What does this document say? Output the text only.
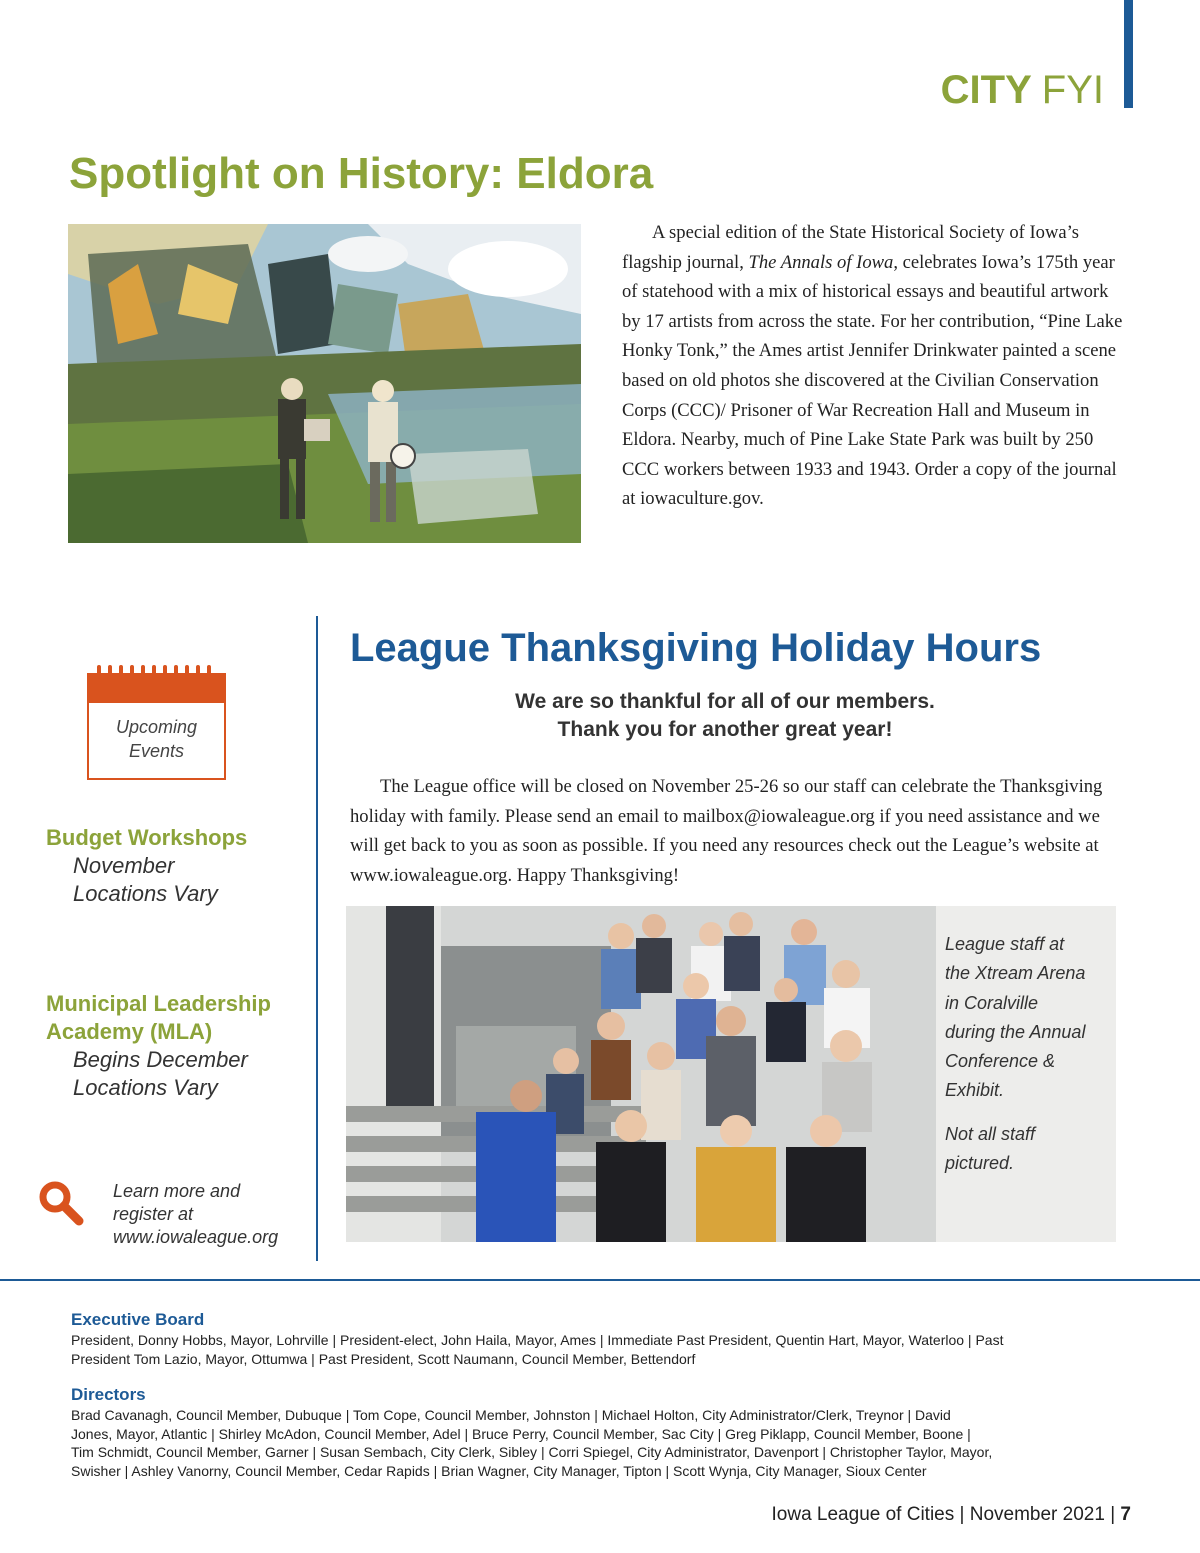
CITY FYI
Spotlight on History: Eldora

A special edition of the State Historical Society of Iowa’s flagship journal, The Annals of Iowa, celebrates Iowa’s 175th year of statehood with a mix of historical essays and beautiful artwork by 17 artists from across the state. For her contribution, “Pine Lake Honky Tonk,” the Ames artist Jennifer Drinkwater painted a scene based on old photos she discovered at the Civilian Conservation Corps (CCC)/ Prisoner of War Recreation Hall and Museum in Eldora. Nearby, much of Pine Lake State Park was built by 250 CCC workers between 1933 and 1943. Order a copy of the journal at iowaculture.gov.

Upcoming
Events
Budget Workshops
November
Locations Vary
Municipal Leadership
Academy (MLA)
Begins December
Locations Vary
Learn more and
register at
www.iowaleague.org
League Thanksgiving Holiday Hours
We are so thankful for all of our members.
Thank you for another great year!

The League office will be closed on November 25-26 so our staff can celebrate the Thanksgiving holiday with family. Please send an email to mailbox@iowaleague.org if you need assistance and we will get back to you as soon as possible. If you need any resources check out the League’s website at www.iowaleague.org. Happy Thanksgiving!

League staff at
the Xtream Arena
in Coralville
during the Annual
Conference &
Exhibit.
Not all staff
pictured.
Executive Board
President, Donny Hobbs, Mayor, Lohrville | President-elect, John Haila, Mayor, Ames | Immediate Past President, Quentin Hart, Mayor, Waterloo | Past
President Tom Lazio, Mayor, Ottumwa | Past President, Scott Naumann, Council Member, Bettendorf
Directors
Brad Cavanagh, Council Member, Dubuque | Tom Cope, Council Member, Johnston | Michael Holton, City Administrator/Clerk, Treynor | David
Jones, Mayor, Atlantic | Shirley McAdon, Council Member, Adel | Bruce Perry, Council Member, Sac City | Greg Piklapp, Council Member, Boone |
Tim Schmidt, Council Member, Garner | Susan Sembach, City Clerk, Sibley | Corri Spiegel, City Administrator, Davenport | Christopher Taylor, Mayor,
Swisher | Ashley Vanorny, Council Member, Cedar Rapids | Brian Wagner, City Manager, Tipton | Scott Wynja, City Manager, Sioux Center
Iowa League of Cities | November 2021 | 7
